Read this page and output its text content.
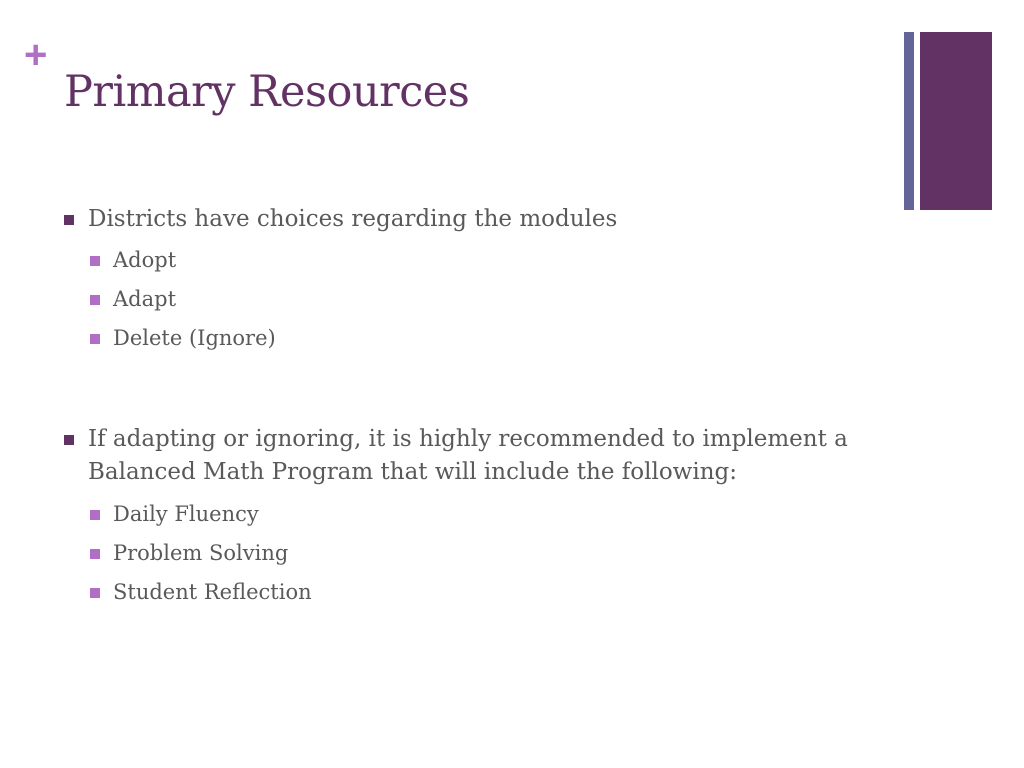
+
Primary Resources
Districts have choices regarding the modules
Adopt
Adapt
Delete (Ignore)
If adapting or ignoring, it is highly recommended to implement a
Balanced Math Program that will include the following:
Daily Fluency
Problem Solving
Student Reflection
